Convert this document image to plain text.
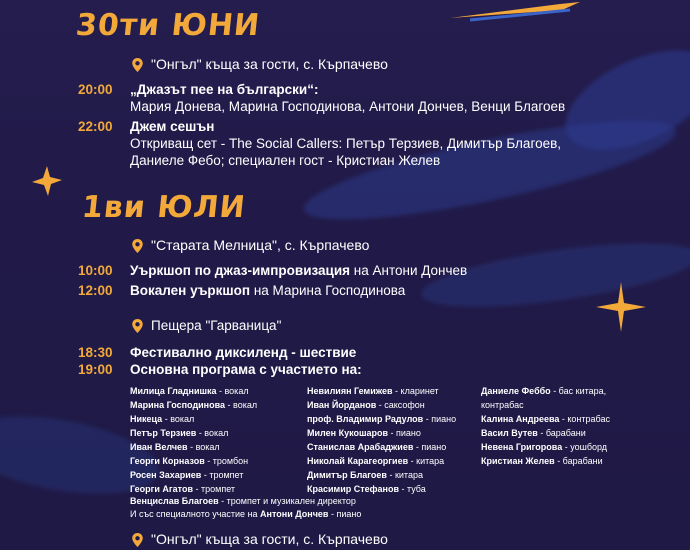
30ти ЮНИ
"Онгъл" къща за гости, с. Кърпачево
20:00 „Джазът пее на български“:
Мария Донева, Марина Господинова, Антони Дончев, Венци Благоев
22:00 Джем сешън
Откриващ сет - The Social Callers: Петър Терзиев, Димитър Благоев,
Даниеле Фебо; специален гост - Кристиан Желев
1ви ЮЛИ
"Старата Мелница", с. Кърпачево
10:00 Уъркшоп по джаз-импровизация на Антони Дончев
12:00 Вокален уъркшоп на Марина Господинова
Пещера "Гарваница"
18:30 Фестивално диксиленд - шествие
19:00 Основна програма с участието на:
Милица Гладнишка - вокал
Марина Господинова - вокал
Никеца - вокал
Петър Терзиев - вокал
Иван Велчев - вокал
Георги Корназов - тромбон
Росен Захариев - тромпет
Георги Агатов - тромпет
Невилиян Гемижев - кларинет
Иван Йорданов - саксофон
проф. Владимир Радулов - пиано
Милен Кукошаров - пиано
Станислав Арабаджиев - пиано
Николай Карагеоргиев - китара
Димитър Благоев - китара
Красимир Стефанов - туба
Даниеле Феббо - бас китара,
контрабас
Калина Андреева - контрабас
Васил Вутев - барабани
Невена Григорова - уошборд
Кристиан Желев - барабани
Венцислав Благоев - тромпет и музикален директор
И със специалното участие на Антони Дончев - пиано
"Онгъл" къща за гости, с. Кърпачево
